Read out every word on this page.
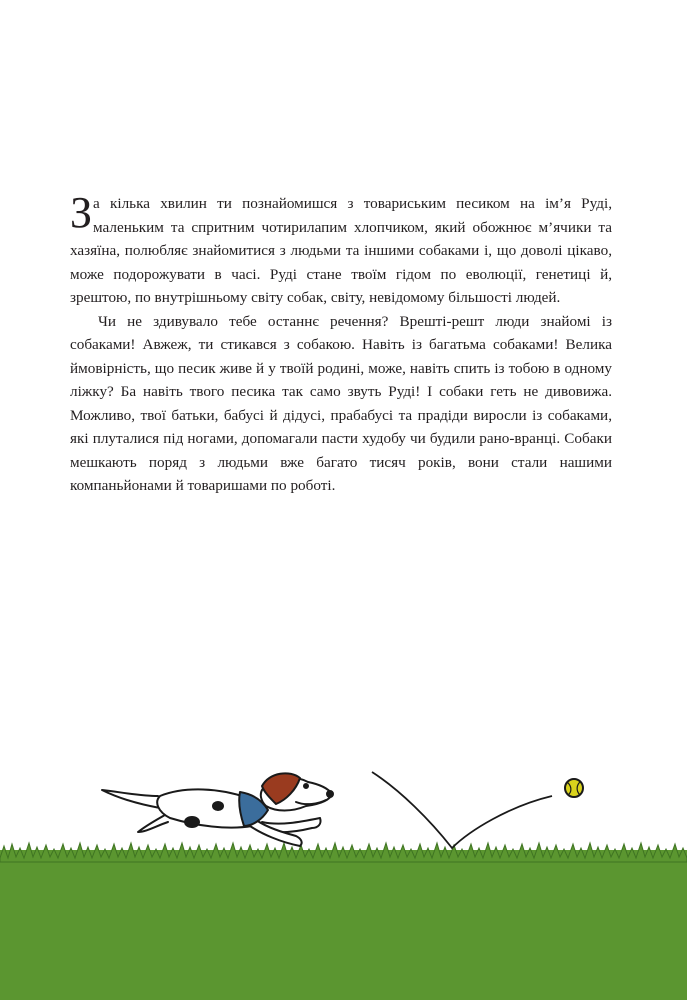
За кілька хвилин ти познайомишся з товариським песиком на ім’я Руді, маленьким та спритним чотирилапим хлопчиком, який обожнює м’ячики та хазяїна, полюбляє знайомитися з людьми та іншими собаками і, що доволі цікаво, може подорожувати в часі. Руді стане твоїм гідом по еволюції, генетиці й, зрештою, по внутрішньому світу собак, світу, невідомому більшості людей.

Чи не здивувало тебе останнє речення? Врешті-решт люди знайомі із собаками! Авжеж, ти стикався з собакою. Навіть із багатьма собаками! Велика ймовірність, що песик живе й у твоїй родині, може, навіть спить із тобою в одному ліжку? Ба навіть твого песика так само звуть Руді! І собаки геть не дивовижа. Можливо, твої батьки, бабусі й дідусі, прабабусі та прадіди виросли із собаками, які плуталися під ногами, допомагали пасти худобу чи будили рано-вранці. Собаки мешкають поряд з людьми вже багато тисяч років, вони стали нашими компаньйонами й товаришами по роботі.
